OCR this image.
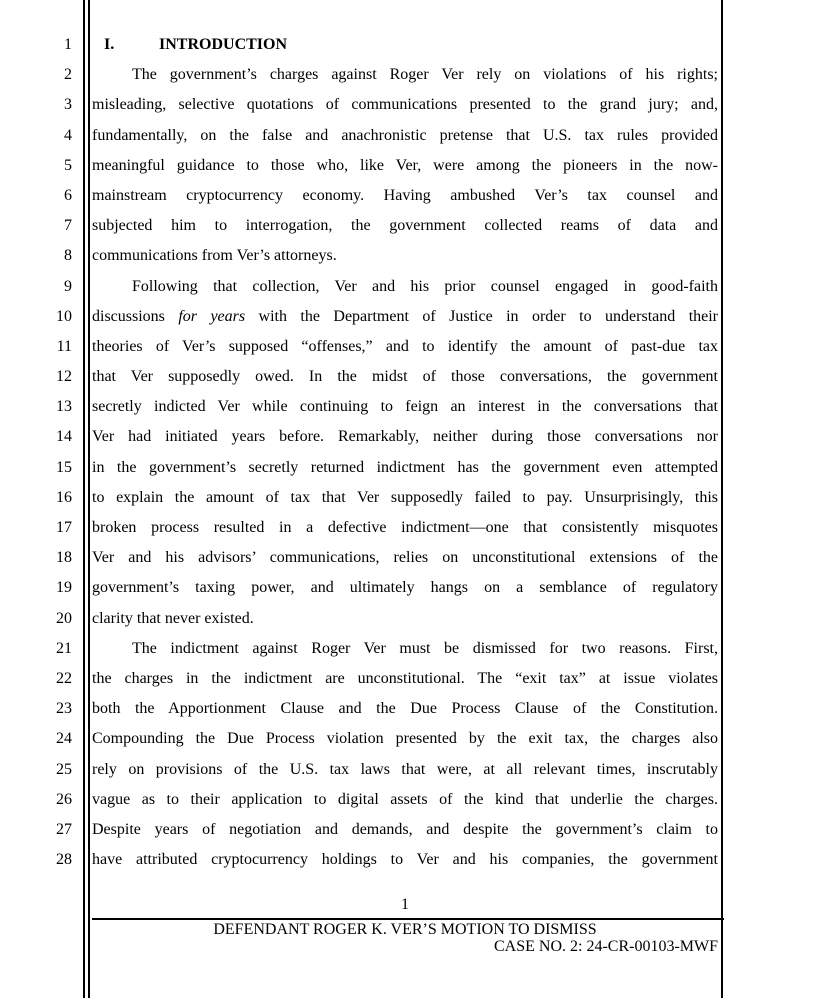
1
2
3
4
5
6
7
8
9
10
11
12
13
14
15
16
17
18
19
20
21
22
23
24
25
26
27
28
I.	INTRODUCTION
The government’s charges against Roger Ver rely on violations of his rights;
misleading, selective quotations of communications presented to the grand jury; and,
fundamentally, on the false and anachronistic pretense that U.S. tax rules provided
meaningful guidance to those who, like Ver, were among the pioneers in the now-
mainstream cryptocurrency economy. Having ambushed Ver’s tax counsel and
subjected him to interrogation, the government collected reams of data and
communications from Ver’s attorneys.
Following that collection, Ver and his prior counsel engaged in good-faith
discussions for years with the Department of Justice in order to understand their
theories of Ver’s supposed “offenses,” and to identify the amount of past-due tax
that Ver supposedly owed. In the midst of those conversations, the government
secretly indicted Ver while continuing to feign an interest in the conversations that
Ver had initiated years before. Remarkably, neither during those conversations nor
in the government’s secretly returned indictment has the government even attempted
to explain the amount of tax that Ver supposedly failed to pay. Unsurprisingly, this
broken process resulted in a defective indictment—one that consistently misquotes
Ver and his advisors’ communications, relies on unconstitutional extensions of the
government’s taxing power, and ultimately hangs on a semblance of regulatory
clarity that never existed.
The indictment against Roger Ver must be dismissed for two reasons. First,
the charges in the indictment are unconstitutional. The “exit tax” at issue violates
both the Apportionment Clause and the Due Process Clause of the Constitution.
Compounding the Due Process violation presented by the exit tax, the charges also
rely on provisions of the U.S. tax laws that were, at all relevant times, inscrutably
vague as to their application to digital assets of the kind that underlie the charges.
Despite years of negotiation and demands, and despite the government’s claim to
have attributed cryptocurrency holdings to Ver and his companies, the government
1
DEFENDANT ROGER K. VER’S MOTION TO DISMISS
CASE NO. 2: 24-CR-00103-MWF
